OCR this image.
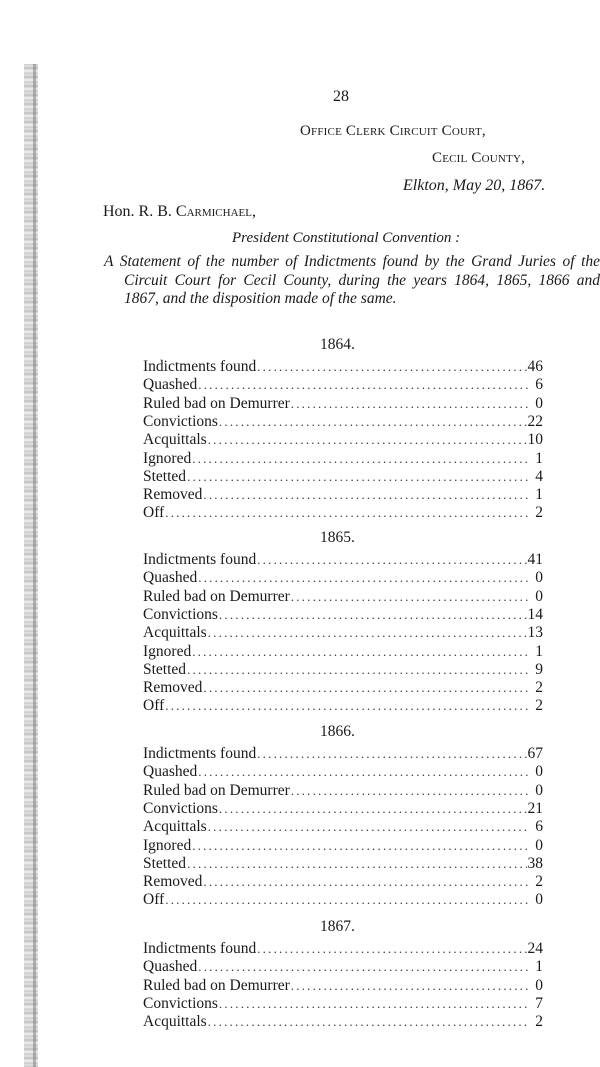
28
Office Clerk Circuit Court,
Cecil County,
Elkton, May 20, 1867.
Hon. R. B. Carmichael,
President Constitutional Convention :
A Statement of the number of Indictments found by the Grand Juries of the Circuit Court for Cecil County, during the years 1864, 1865, 1866 and 1867, and the disposition made of the same.
1864.
Indictments found .....	46
Quashed .....	6
Ruled bad on Demurrer .....	0
Convictions .....	22
Acquittals .....	10
Ignored .....	1
Stetted .....	4
Removed .....	1
Off .....	2
1865.
Indictments found .....	41
Quashed .....	0
Ruled bad on Demurrer .....	0
Convictions .....	14
Acquittals .....	13
Ignored .....	1
Stetted .....	9
Removed .....	2
Off .....	2
1866.
Indictments found .....	67
Quashed .....	0
Ruled bad on Demurrer .....	0
Convictions .....	21
Acquittals .....	6
Ignored .....	0
Stetted .....	38
Removed .....	2
Off .....	0
1867.
Indictments found .....	24
Quashed .....	1
Ruled bad on Demurrer .....	0
Convictions .....	7
Acquittals .....	2
